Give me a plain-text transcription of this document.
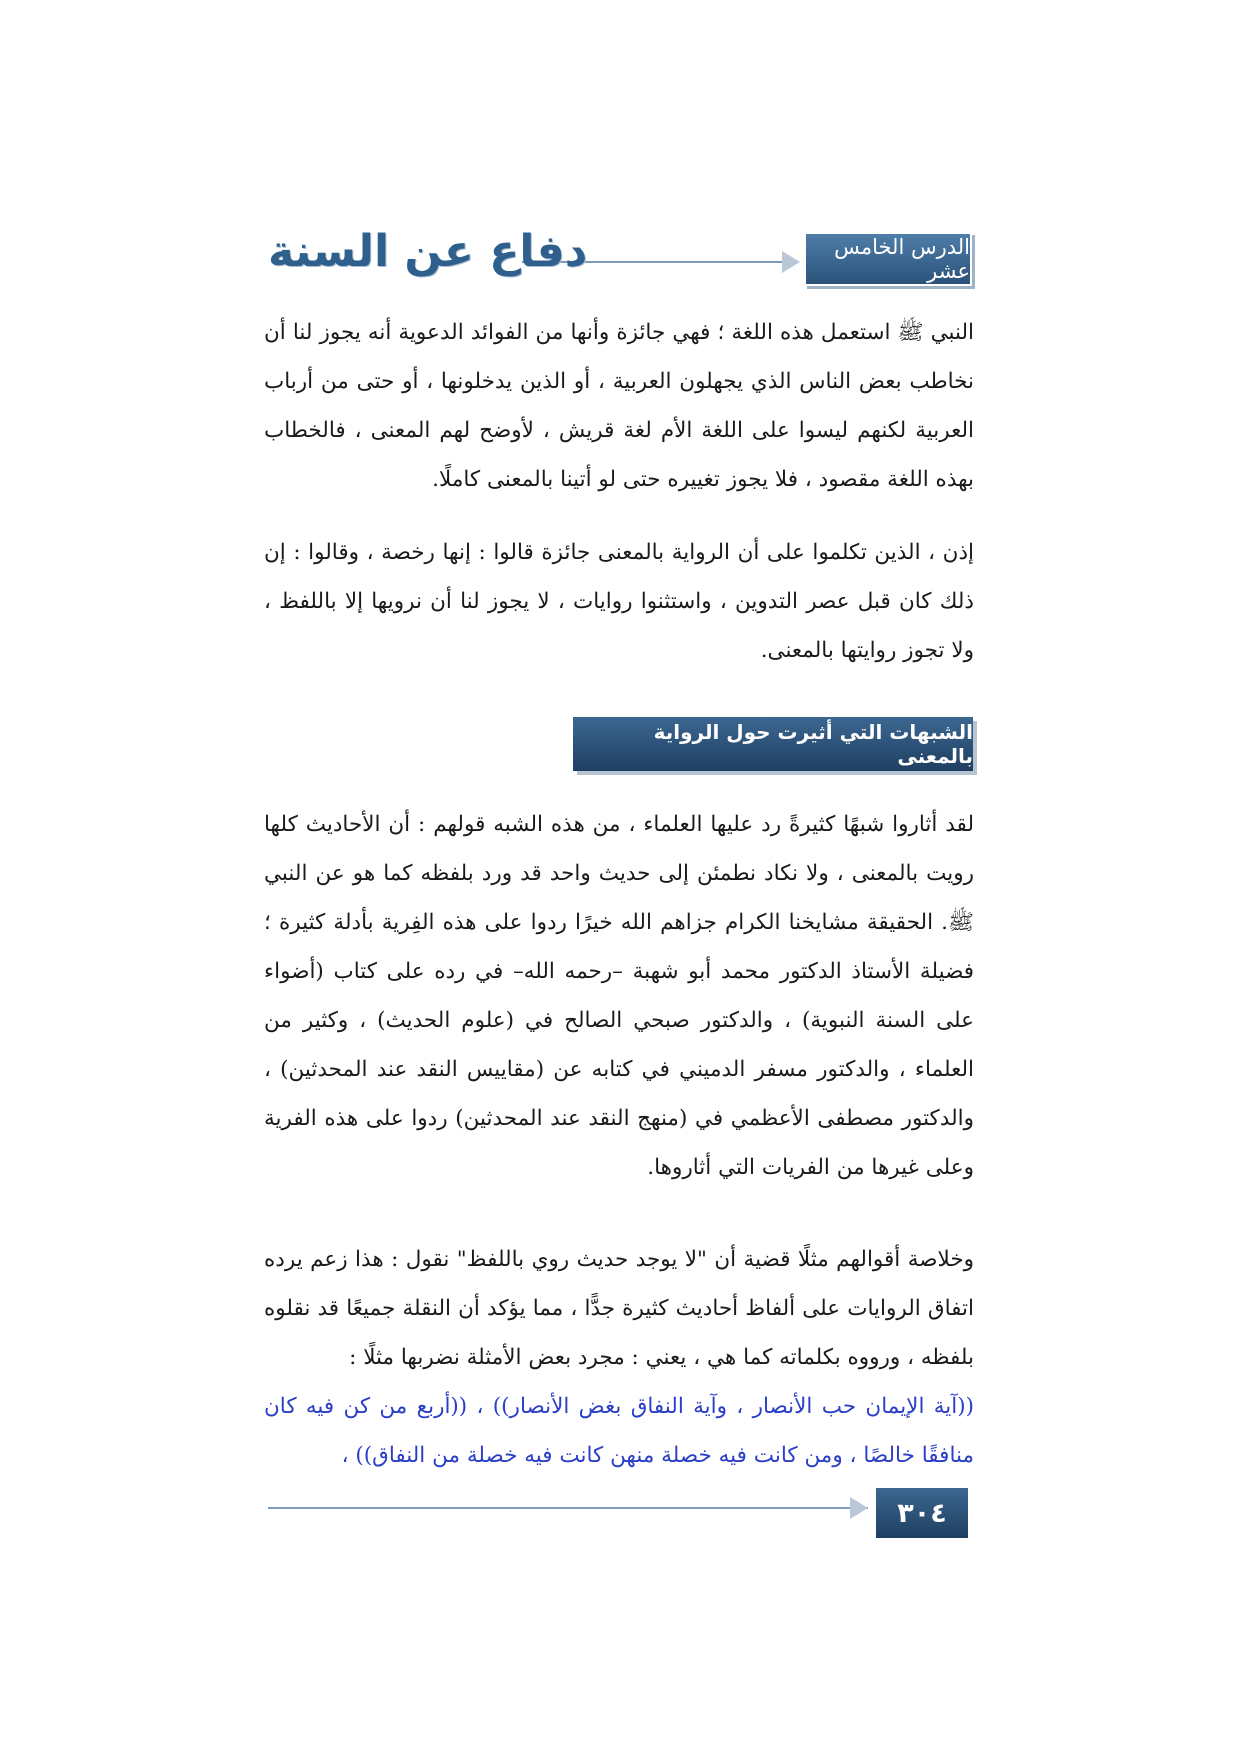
الدرس الخامس عشر
دفاع عن السنة

النبي ﷺ استعمل هذه اللغة ؛ فهي جائزة وأنها من الفوائد الدعوية أنه يجوز لنا أن نخاطب بعض الناس الذي يجهلون العربية ، أو الذين يدخلونها ، أو حتى من أرباب العربية لكنهم ليسوا على اللغة الأم لغة قريش ، لأوضح لهم المعنى ، فالخطاب بهذه اللغة مقصود ، فلا يجوز تغييره حتى لو أتينا بالمعنى كاملًا.

إذن ، الذين تكلموا على أن الرواية بالمعنى جائزة قالوا : إنها رخصة ، وقالوا : إن ذلك كان قبل عصر التدوين ، واستثنوا روايات ، لا يجوز لنا أن نرويها إلا باللفظ ، ولا تجوز روايتها بالمعنى.

الشبهات التي أثيرت حول الرواية بالمعنى

لقد أثاروا شبهًا كثيرةً رد عليها العلماء ، من هذه الشبه قولهم : أن الأحاديث كلها رويت بالمعنى ، ولا نكاد نطمئن إلى حديث واحد قد ورد بلفظه كما هو عن النبي ﷺ. الحقيقة مشايخنا الكرام جزاهم الله خيرًا ردوا على هذه الفِرية بأدلة كثيرة ؛ فضيلة الأستاذ الدكتور محمد أبو شهبة –رحمه الله– في رده على كتاب (أضواء على السنة النبوية) ، والدكتور صبحي الصالح في (علوم الحديث) ، وكثير من العلماء ، والدكتور مسفر الدميني في كتابه عن (مقاييس النقد عند المحدثين) ، والدكتور مصطفى الأعظمي في (منهج النقد عند المحدثين) ردوا على هذه الفرية وعلى غيرها من الفريات التي أثاروها.

وخلاصة أقوالهم مثلًا قضية أن "لا يوجد حديث روي باللفظ" نقول : هذا زعم يرده اتفاق الروايات على ألفاظ أحاديث كثيرة جدًّا ، مما يؤكد أن النقلة جميعًا قد نقلوه بلفظه ، ورووه بكلماته كما هي ، يعني : مجرد بعض الأمثلة نضربها مثلًا :

((آية الإيمان حب الأنصار ، وآية النفاق بغض الأنصار)) ، ((أربع من كن فيه كان منافقًا خالصًا ، ومن كانت فيه خصلة منهن كانت فيه خصلة من النفاق)) ،

٣٠٤
